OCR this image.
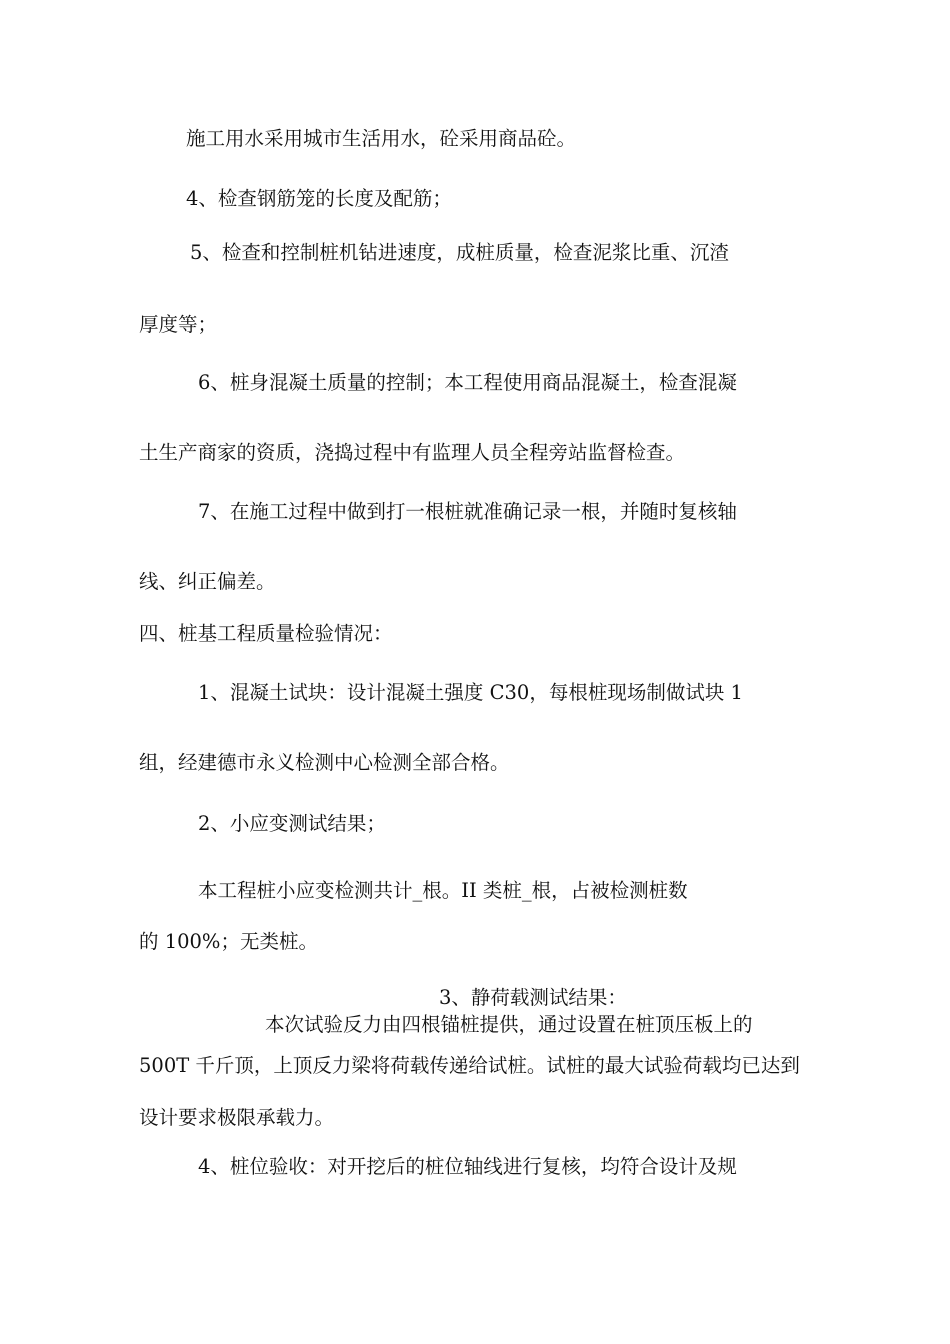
施工用水采用城市生活用水，砼采用商品砼。
4、检查钢筋笼的长度及配筋；
5、检查和控制桩机钻进速度，成桩质量，检查泥浆比重、沉渣
厚度等；
6、桩身混凝土质量的控制；本工程使用商品混凝土，检查混凝
土生产商家的资质，浇捣过程中有监理人员全程旁站监督检查。
7、在施工过程中做到打一根桩就准确记录一根，并随时复核轴
线、纠正偏差。
四、桩基工程质量检验情况：
1、混凝土试块：设计混凝土强度 C30，每根桩现场制做试块 1
组，经建德市永义检测中心检测全部合格。
2、小应变测试结果；
本工程桩小应变检测共计_根。II 类桩_根，占被检测桩数
的 100%；无类桩。
3、静荷载测试结果：
本次试验反力由四根锚桩提供，通过设置在桩顶压板上的
500T 千斤顶，上顶反力梁将荷载传递给试桩。试桩的最大试验荷载均已达到
设计要求极限承载力。
4、桩位验收：对开挖后的桩位轴线进行复核，均符合设计及规
